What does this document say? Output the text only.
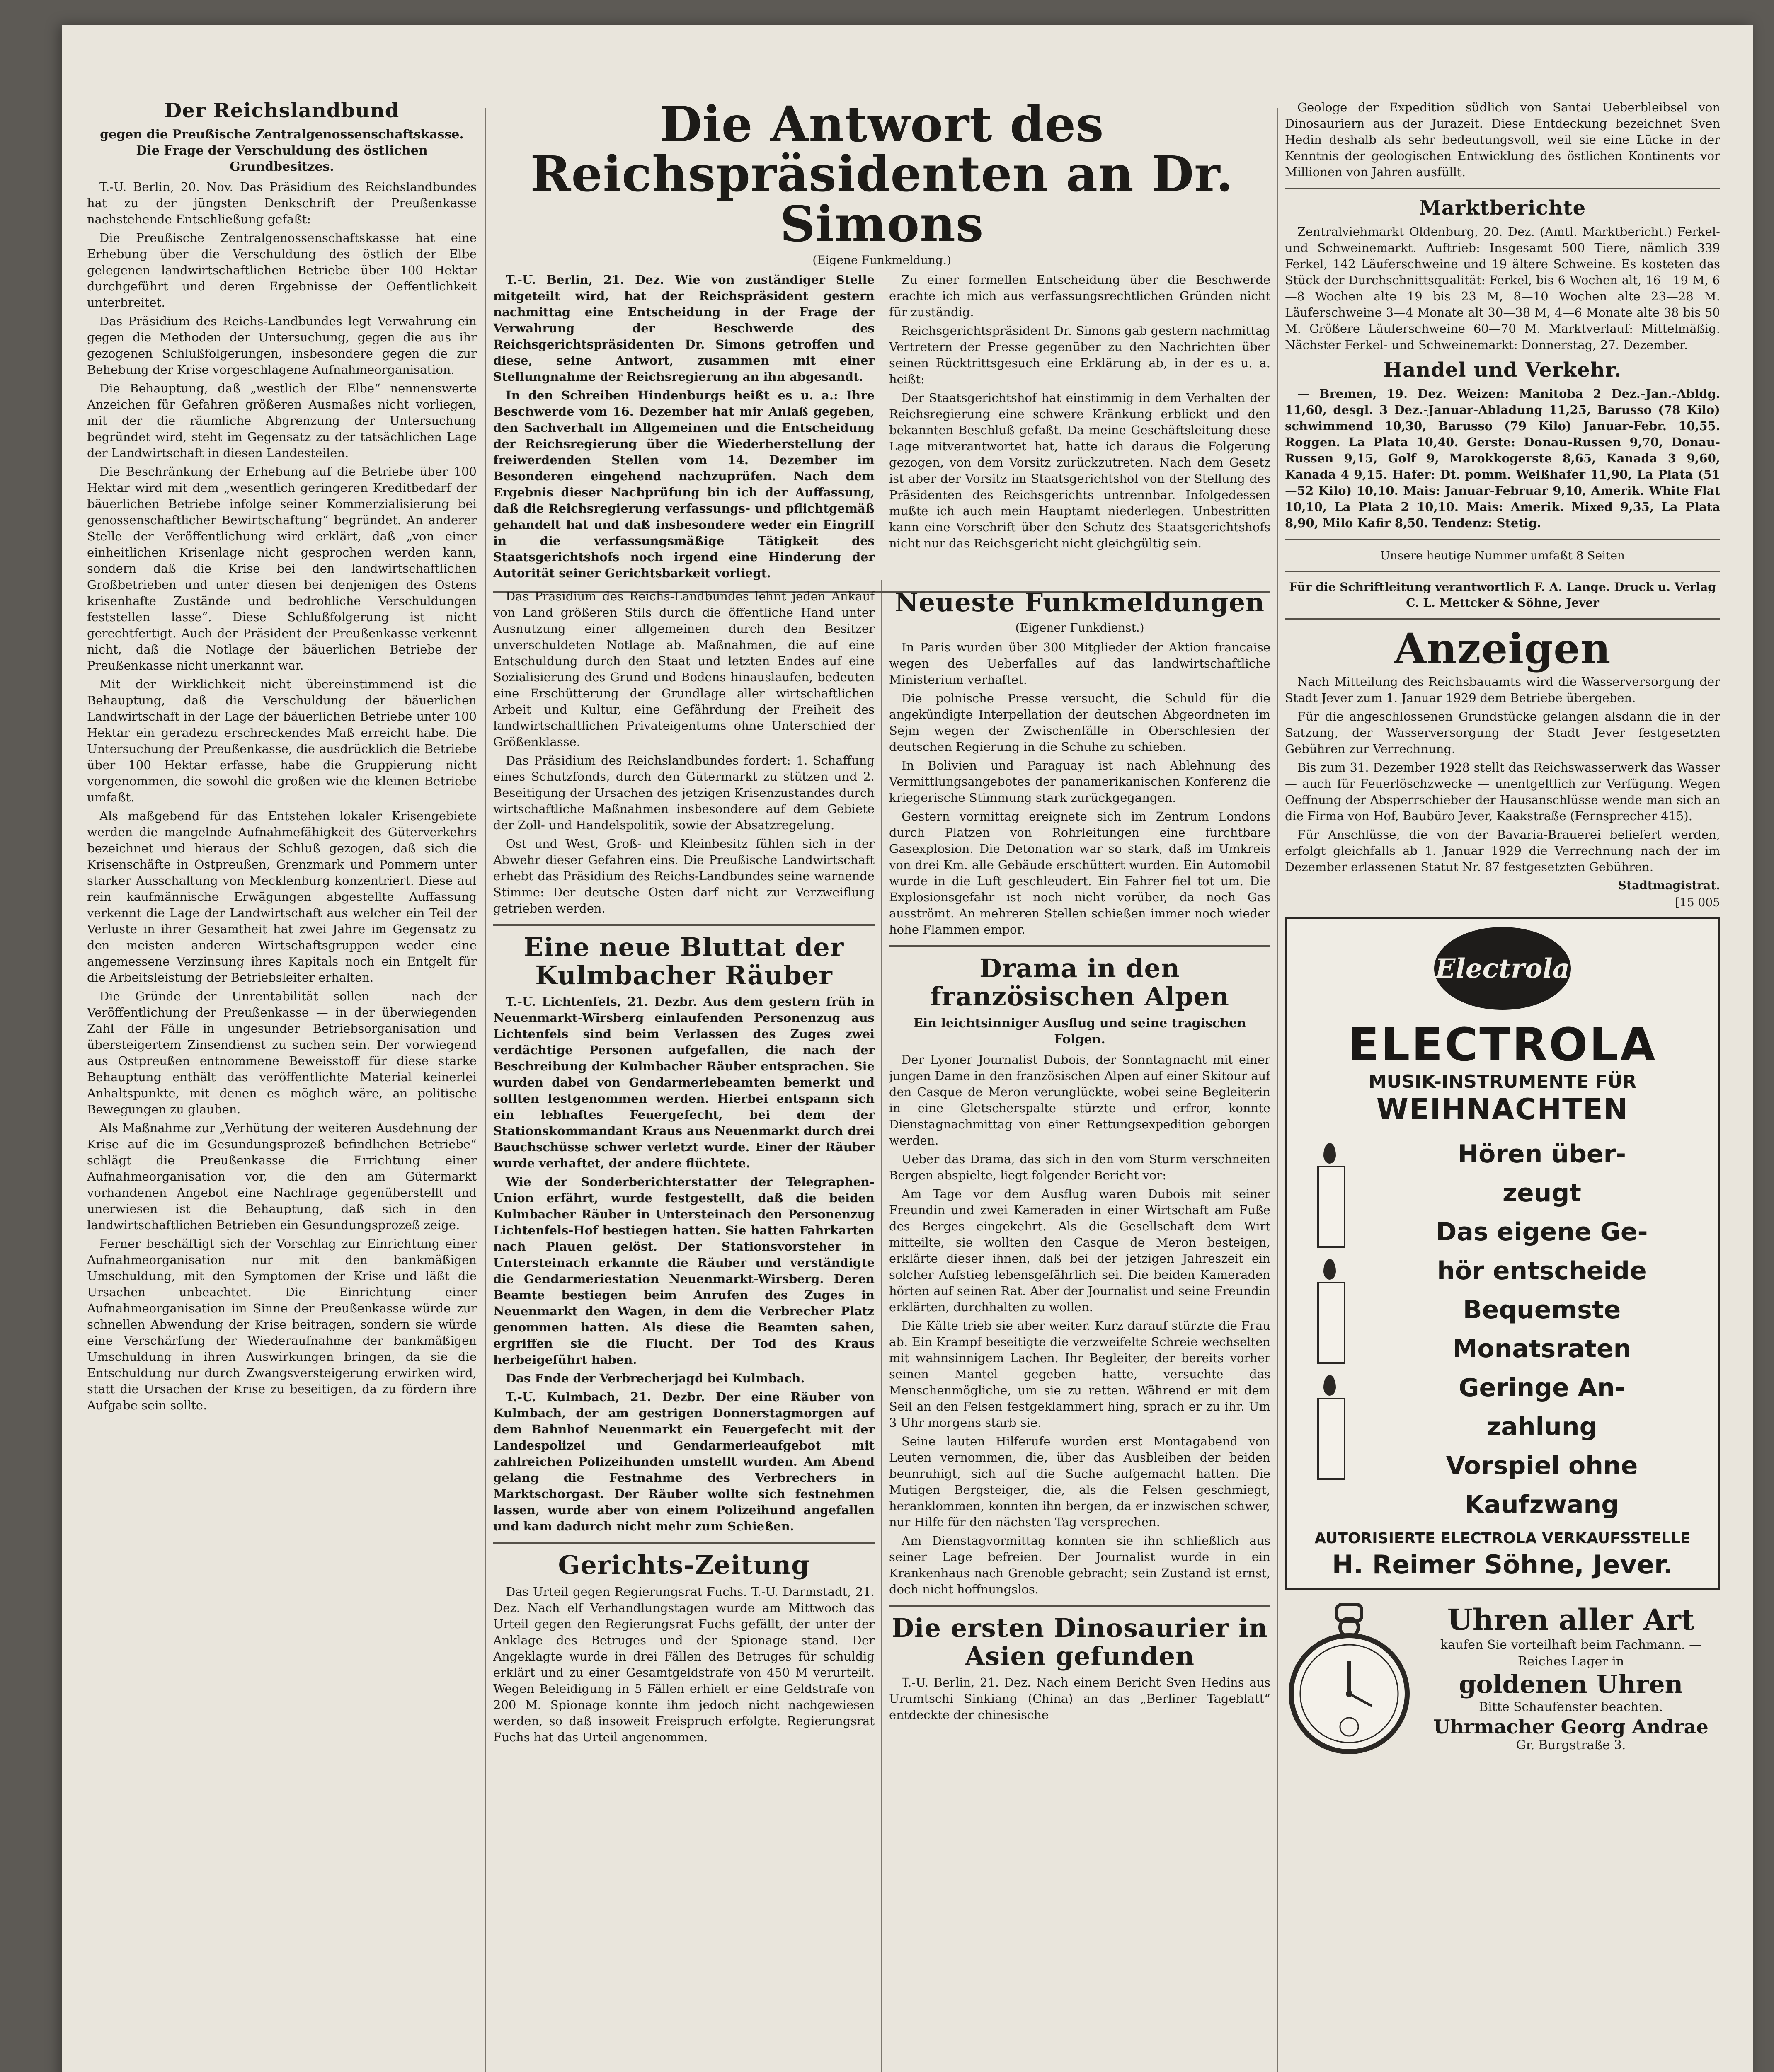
Der Reichslandbund
gegen die Preußische Zentralgenossenschaftskasse. Die Frage der Verschuldung des östlichen Grundbesitzes.

T.-U. Berlin, 20. Nov. Das Präsidium des Reichslandbundes hat zu der jüngsten Denkschrift der Preußenkasse nachstehende Entschließung gefaßt:

Die Preußische Zentralgenossenschaftskasse hat eine Erhebung über die Verschuldung des östlich der Elbe gelegenen landwirtschaftlichen Betriebe über 100 Hektar durchgeführt und deren Ergebnisse der Oeffentlichkeit unterbreitet.

Das Präsidium des Reichs-Landbundes legt Verwahrung ein gegen die Methoden der Untersuchung, gegen die aus ihr gezogenen Schlußfolgerungen, insbesondere gegen die zur Behebung der Krise vorgeschlagene Aufnahmeorganisation.

Die Behauptung, daß „westlich der Elbe“ nennenswerte Anzeichen für Gefahren größeren Ausmaßes nicht vorliegen, mit der die räumliche Abgrenzung der Untersuchung begründet wird, steht im Gegensatz zu der tatsächlichen Lage der Landwirtschaft in diesen Landesteilen.

Die Beschränkung der Erhebung auf die Betriebe über 100 Hektar wird mit dem „wesentlich geringeren Kreditbedarf der bäuerlichen Betriebe infolge seiner Kommerzialisierung bei genossenschaftlicher Bewirtschaftung“ begründet. An anderer Stelle der Veröffentlichung wird erklärt, daß „von einer einheitlichen Krisenlage nicht gesprochen werden kann, sondern daß die Krise bei den landwirtschaftlichen Großbetrieben und unter diesen bei denjenigen des Ostens krisenhafte Zustände und bedrohliche Verschuldungen feststellen lasse“. Diese Schlußfolgerung ist nicht gerechtfertigt. Auch der Präsident der Preußenkasse verkennt nicht, daß die Notlage der bäuerlichen Betriebe der Preußenkasse nicht unerkannt war.

Mit der Wirklichkeit nicht übereinstimmend ist die Behauptung, daß die Verschuldung der bäuerlichen Landwirtschaft in der Lage der bäuerlichen Betriebe unter 100 Hektar ein geradezu erschreckendes Maß erreicht habe. Die Untersuchung der Preußenkasse, die ausdrücklich die Betriebe über 100 Hektar erfasse, habe die Gruppierung nicht vorgenommen, die sowohl die großen wie die kleinen Betriebe umfaßt.

Als maßgebend für das Entstehen lokaler Krisengebiete werden die mangelnde Aufnahmefähigkeit des Güterverkehrs bezeichnet und hieraus der Schluß gezogen, daß sich die Krisenschäfte in Ostpreußen, Grenzmark und Pommern unter starker Ausschaltung von Mecklenburg konzentriert. Diese auf rein kaufmännische Erwägungen abgestellte Auffassung verkennt die Lage der Landwirtschaft aus welcher ein Teil der Verluste in ihrer Gesamtheit hat zwei Jahre im Gegensatz zu den meisten anderen Wirtschaftsgruppen weder eine angemessene Verzinsung ihres Kapitals noch ein Entgelt für die Arbeitsleistung der Betriebsleiter erhalten.

Die Gründe der Unrentabilität sollen — nach der Veröffentlichung der Preußenkasse — in der überwiegenden Zahl der Fälle in ungesunder Betriebsorganisation und übersteigertem Zinsendienst zu suchen sein. Der vorwiegend aus Ostpreußen entnommene Beweisstoff für diese starke Behauptung enthält das veröffentlichte Material keinerlei Anhaltspunkte, mit denen es möglich wäre, an politische Bewegungen zu glauben.

Als Maßnahme zur „Verhütung der weiteren Ausdehnung der Krise auf die im Gesundungsprozeß befindlichen Betriebe“ schlägt die Preußenkasse die Errichtung einer Aufnahmeorganisation vor, die den am Gütermarkt vorhandenen Angebot eine Nachfrage gegenüberstellt und unerwiesen ist die Behauptung, daß sich in den landwirtschaftlichen Betrieben ein Gesundungsprozeß zeige.

Ferner beschäftigt sich der Vorschlag zur Einrichtung einer Aufnahmeorganisation nur mit den bankmäßigen Umschuldung, mit den Symptomen der Krise und läßt die Ursachen unbeachtet. Die Einrichtung einer Aufnahmeorganisation im Sinne der Preußenkasse würde zur schnellen Abwendung der Krise beitragen, sondern sie würde eine Verschärfung der Wiederaufnahme der bankmäßigen Umschuldung in ihren Auswirkungen bringen, da sie die Entschuldung nur durch Zwangsversteigerung erwirken wird, statt die Ursachen der Krise zu beseitigen, da zu fördern ihre Aufgabe sein sollte.

Die Antwort des Reichspräsidenten an Dr. Simons
(Eigene Funkmeldung.)

T.-U. Berlin, 21. Dez. Wie von zuständiger Stelle mitgeteilt wird, hat der Reichspräsident gestern nachmittag eine Entscheidung in der Frage der Verwahrung der Beschwerde des Reichsgerichtspräsidenten Dr. Simons getroffen und diese, seine Antwort, zusammen mit einer Stellungnahme der Reichsregierung an ihn abgesandt.

In den Schreiben Hindenburgs heißt es u. a.: Ihre Beschwerde vom 16. Dezember hat mir Anlaß gegeben, den Sachverhalt im Allgemeinen und die Entscheidung der Reichsregierung über die Wiederherstellung der freiwerdenden Stellen vom 14. Dezember im Besonderen eingehend nachzuprüfen. Nach dem Ergebnis dieser Nachprüfung bin ich der Auffassung, daß die Reichsregierung verfassungs- und pflichtgemäß gehandelt hat und daß insbesondere weder ein Eingriff in die verfassungsmäßige Tätigkeit des Staatsgerichtshofs noch irgend eine Hinderung der Autorität seiner Gerichtsbarkeit vorliegt.

Zu einer formellen Entscheidung über die Beschwerde erachte ich mich aus verfassungsrechtlichen Gründen nicht für zuständig.

Reichsgerichtspräsident Dr. Simons gab gestern nachmittag Vertretern der Presse gegenüber zu den Nachrichten über seinen Rücktrittsgesuch eine Erklärung ab, in der es u. a. heißt:

Der Staatsgerichtshof hat einstimmig in dem Verhalten der Reichsregierung eine schwere Kränkung erblickt und den bekannten Beschluß gefaßt. Da meine Geschäftsleitung diese Lage mitverantwortet hat, hatte ich daraus die Folgerung gezogen, von dem Vorsitz zurückzutreten. Nach dem Gesetz ist aber der Vorsitz im Staatsgerichtshof von der Stellung des Präsidenten des Reichsgerichts untrennbar. Infolgedessen mußte ich auch mein Hauptamt niederlegen. Unbestritten kann eine Vorschrift über den Schutz des Staatsgerichtshofs nicht nur das Reichsgericht nicht gleichgültig sein.

Das Präsidium des Reichs-Landbundes lehnt jeden Ankauf von Land größeren Stils durch die öffentliche Hand unter Ausnutzung einer allgemeinen durch den Besitzer unverschuldeten Notlage ab. Maßnahmen, die auf eine Entschuldung durch den Staat und letzten Endes auf eine Sozialisierung des Grund und Bodens hinauslaufen, bedeuten eine Erschütterung der Grundlage aller wirtschaftlichen Arbeit und Kultur, eine Gefährdung der Freiheit des landwirtschaftlichen Privateigentums ohne Unterschied der Größenklasse.

Das Präsidium des Reichslandbundes fordert: 1. Schaffung eines Schutzfonds, durch den Gütermarkt zu stützen und 2. Beseitigung der Ursachen des jetzigen Krisenzustandes durch wirtschaftliche Maßnahmen insbesondere auf dem Gebiete der Zoll- und Handelspolitik, sowie der Absatzregelung.

Ost und West, Groß- und Kleinbesitz fühlen sich in der Abwehr dieser Gefahren eins. Die Preußische Landwirtschaft erhebt das Präsidium des Reichs-Landbundes seine warnende Stimme: Der deutsche Osten darf nicht zur Verzweiflung getrieben werden.

Eine neue Bluttat der Kulmbacher Räuber

T.-U. Lichtenfels, 21. Dezbr. Aus dem gestern früh in Neuenmarkt-Wirsberg einlaufenden Personenzug aus Lichtenfels sind beim Verlassen des Zuges zwei verdächtige Personen aufgefallen, die nach der Beschreibung der Kulmbacher Räuber entsprachen. Sie wurden dabei von Gendarmeriebeamten bemerkt und sollten festgenommen werden. Hierbei entspann sich ein lebhaftes Feuergefecht, bei dem der Stationskommandant Kraus aus Neuenmarkt durch drei Bauchschüsse schwer verletzt wurde. Einer der Räuber wurde verhaftet, der andere flüchtete.

Wie der Sonderberichterstatter der Telegraphen-Union erfährt, wurde festgestellt, daß die beiden Kulmbacher Räuber in Untersteinach den Personenzug Lichtenfels-Hof bestiegen hatten. Sie hatten Fahrkarten nach Plauen gelöst. Der Stationsvorsteher in Untersteinach erkannte die Räuber und verständigte die Gendarmeriestation Neuenmarkt-Wirsberg. Deren Beamte bestiegen beim Anrufen des Zuges in Neuenmarkt den Wagen, in dem die Verbrecher Platz genommen hatten. Als diese die Beamten sahen, ergriffen sie die Flucht. Der Tod des Kraus herbeigeführt haben.

Das Ende der Verbrecherjagd bei Kulmbach.

T.-U. Kulmbach, 21. Dezbr. Der eine Räuber von Kulmbach, der am gestrigen Donnerstagmorgen auf dem Bahnhof Neuenmarkt ein Feuergefecht mit der Landespolizei und Gendarmerieaufgebot mit zahlreichen Polizeihunden umstellt wurden. Am Abend gelang die Festnahme des Verbrechers in Marktschorgast. Der Räuber wollte sich festnehmen lassen, wurde aber von einem Polizeihund angefallen und kam dadurch nicht mehr zum Schießen.

Gerichts-Zeitung

Das Urteil gegen Regierungsrat Fuchs. T.-U. Darmstadt, 21. Dez. Nach elf Verhandlungstagen wurde am Mittwoch das Urteil gegen den Regierungsrat Fuchs gefällt, der unter der Anklage des Betruges und der Spionage stand. Der Angeklagte wurde in drei Fällen des Betruges für schuldig erklärt und zu einer Gesamtgeldstrafe von 450 M verurteilt. Wegen Beleidigung in 5 Fällen erhielt er eine Geldstrafe von 200 M. Spionage konnte ihm jedoch nicht nachgewiesen werden, so daß insoweit Freispruch erfolgte. Regierungsrat Fuchs hat das Urteil angenommen.

Neueste Funkmeldungen
(Eigener Funkdienst.)

In Paris wurden über 300 Mitglieder der Aktion francaise wegen des Ueberfalles auf das landwirtschaftliche Ministerium verhaftet.

Die polnische Presse versucht, die Schuld für die angekündigte Interpellation der deutschen Abgeordneten im Sejm wegen der Zwischenfälle in Oberschlesien der deutschen Regierung in die Schuhe zu schieben.

In Bolivien und Paraguay ist nach Ablehnung des Vermittlungsangebotes der panamerikanischen Konferenz die kriegerische Stimmung stark zurückgegangen.

Gestern vormittag ereignete sich im Zentrum Londons durch Platzen von Rohrleitungen eine furchtbare Gasexplosion. Die Detonation war so stark, daß im Umkreis von drei Km. alle Gebäude erschüttert wurden. Ein Automobil wurde in die Luft geschleudert. Ein Fahrer fiel tot um. Die Explosionsgefahr ist noch nicht vorüber, da noch Gas ausströmt. An mehreren Stellen schießen immer noch wieder hohe Flammen empor.

Drama in den französischen Alpen
Ein leichtsinniger Ausflug und seine tragischen Folgen.

Der Lyoner Journalist Dubois, der Sonntagnacht mit einer jungen Dame in den französischen Alpen auf einer Skitour auf den Casque de Meron verunglückte, wobei seine Begleiterin in eine Gletscherspalte stürzte und erfror, konnte Dienstagnachmittag von einer Rettungsexpedition geborgen werden.

Ueber das Drama, das sich in den vom Sturm verschneiten Bergen abspielte, liegt folgender Bericht vor:

Am Tage vor dem Ausflug waren Dubois mit seiner Freundin und zwei Kameraden in einer Wirtschaft am Fuße des Berges eingekehrt. Als die Gesellschaft dem Wirt mitteilte, sie wollten den Casque de Meron besteigen, erklärte dieser ihnen, daß bei der jetzigen Jahreszeit ein solcher Aufstieg lebensgefährlich sei. Die beiden Kameraden hörten auf seinen Rat. Aber der Journalist und seine Freundin erklärten, durchhalten zu wollen.

Die Kälte trieb sie aber weiter. Kurz darauf stürzte die Frau ab. Ein Krampf beseitigte die verzweifelte Schreie wechselten mit wahnsinnigem Lachen. Ihr Begleiter, der bereits vorher seinen Mantel gegeben hatte, versuchte das Menschenmögliche, um sie zu retten. Während er mit dem Seil an den Felsen festgeklammert hing, sprach er zu ihr. Um 3 Uhr morgens starb sie.

Seine lauten Hilferufe wurden erst Montagabend von Leuten vernommen, die, über das Ausbleiben der beiden beunruhigt, sich auf die Suche aufgemacht hatten. Die Mutigen Bergsteiger, die, als die Felsen geschmiegt, heranklommen, konnten ihn bergen, da er inzwischen schwer, nur Hilfe für den nächsten Tag versprechen.

Am Dienstagvormittag konnten sie ihn schließlich aus seiner Lage befreien. Der Journalist wurde in ein Krankenhaus nach Grenoble gebracht; sein Zustand ist ernst, doch nicht hoffnungslos.

Die ersten Dinosaurier in Asien gefunden

T.-U. Berlin, 21. Dez. Nach einem Bericht Sven Hedins aus Urumtschi Sinkiang (China) an das „Berliner Tageblatt“ entdeckte der chinesische

Geologe der Expedition südlich von Santai Ueberbleibsel von Dinosauriern aus der Jurazeit. Diese Entdeckung bezeichnet Sven Hedin deshalb als sehr bedeutungsvoll, weil sie eine Lücke in der Kenntnis der geologischen Entwicklung des östlichen Kontinents vor Millionen von Jahren ausfüllt.

Marktberichte

Zentralviehmarkt Oldenburg, 20. Dez. (Amtl. Marktbericht.) Ferkel- und Schweinemarkt. Auftrieb: Insgesamt 500 Tiere, nämlich 339 Ferkel, 142 Läuferschweine und 19 ältere Schweine. Es kosteten das Stück der Durchschnittsqualität: Ferkel, bis 6 Wochen alt, 16—19 M, 6—8 Wochen alte 19 bis 23 M, 8—10 Wochen alte 23—28 M. Läuferschweine 3—4 Monate alt 30—38 M, 4—6 Monate alte 38 bis 50 M. Größere Läuferschweine 60—70 M. Marktverlauf: Mittelmäßig. Nächster Ferkel- und Schweinemarkt: Donnerstag, 27. Dezember.

Handel und Verkehr.

— Bremen, 19. Dez. Weizen: Manitoba 2 Dez.-Jan.-Abldg. 11,60, desgl. 3 Dez.-Januar-Abladung 11,25, Barusso (78 Kilo) schwimmend 10,30, Barusso (79 Kilo) Januar-Febr. 10,55. Roggen. La Plata 10,40. Gerste: Donau-Russen 9,70, Donau-Russen 9,15, Golf 9, Marokkogerste 8,65, Kanada 3 9,60, Kanada 4 9,15. Hafer: Dt. pomm. Weißhafer 11,90, La Plata (51—52 Kilo) 10,10. Mais: Januar-Februar 9,10, Amerik. White Flat 10,10, La Plata 2 10,10. Mais: Amerik. Mixed 9,35, La Plata 8,90, Milo Kafir 8,50. Tendenz: Stetig.

Unsere heutige Nummer umfaßt 8 Seiten
Für die Schriftleitung verantwortlich F. A. Lange. Druck u. Verlag C. L. Mettcker & Söhne, Jever
Anzeigen

Nach Mitteilung des Reichsbauamts wird die Wasserversorgung der Stadt Jever zum 1. Januar 1929 dem Betriebe übergeben.

Für die angeschlossenen Grundstücke gelangen alsdann die in der Satzung, der Wasserversorgung der Stadt Jever festgesetzten Gebühren zur Verrechnung.

Bis zum 31. Dezember 1928 stellt das Reichswasserwerk das Wasser — auch für Feuerlöschzwecke — unentgeltlich zur Verfügung. Wegen Oeffnung der Absperrschieber der Hausanschlüsse wende man sich an die Firma von Hof, Baubüro Jever, Kaakstraße (Fernsprecher 415).

Für Anschlüsse, die von der Bavaria-Brauerei beliefert werden, erfolgt gleichfalls ab 1. Januar 1929 die Verrechnung nach der im Dezember erlassenen Statut Nr. 87 festgesetzten Gebühren.

Stadtmagistrat.
[15 005
Electrola
ELECTROLA
MUSIK-INSTRUMENTE FÜR
WEIHNACHTEN
Hören über-
zeugt
Das eigene Ge-
hör entscheide
Bequemste
Monatsraten
Geringe An-
zahlung
Vorspiel ohne
Kaufzwang
AUTORISIERTE ELECTROLA VERKAUFSSTELLE
H. Reimer Söhne, Jever.
Uhren aller Art
kaufen Sie vorteilhaft beim Fachmann. — Reiches Lager in
goldenen Uhren
Bitte Schaufenster beachten.
Uhrmacher Georg Andrae
Gr. Burgstraße 3.
